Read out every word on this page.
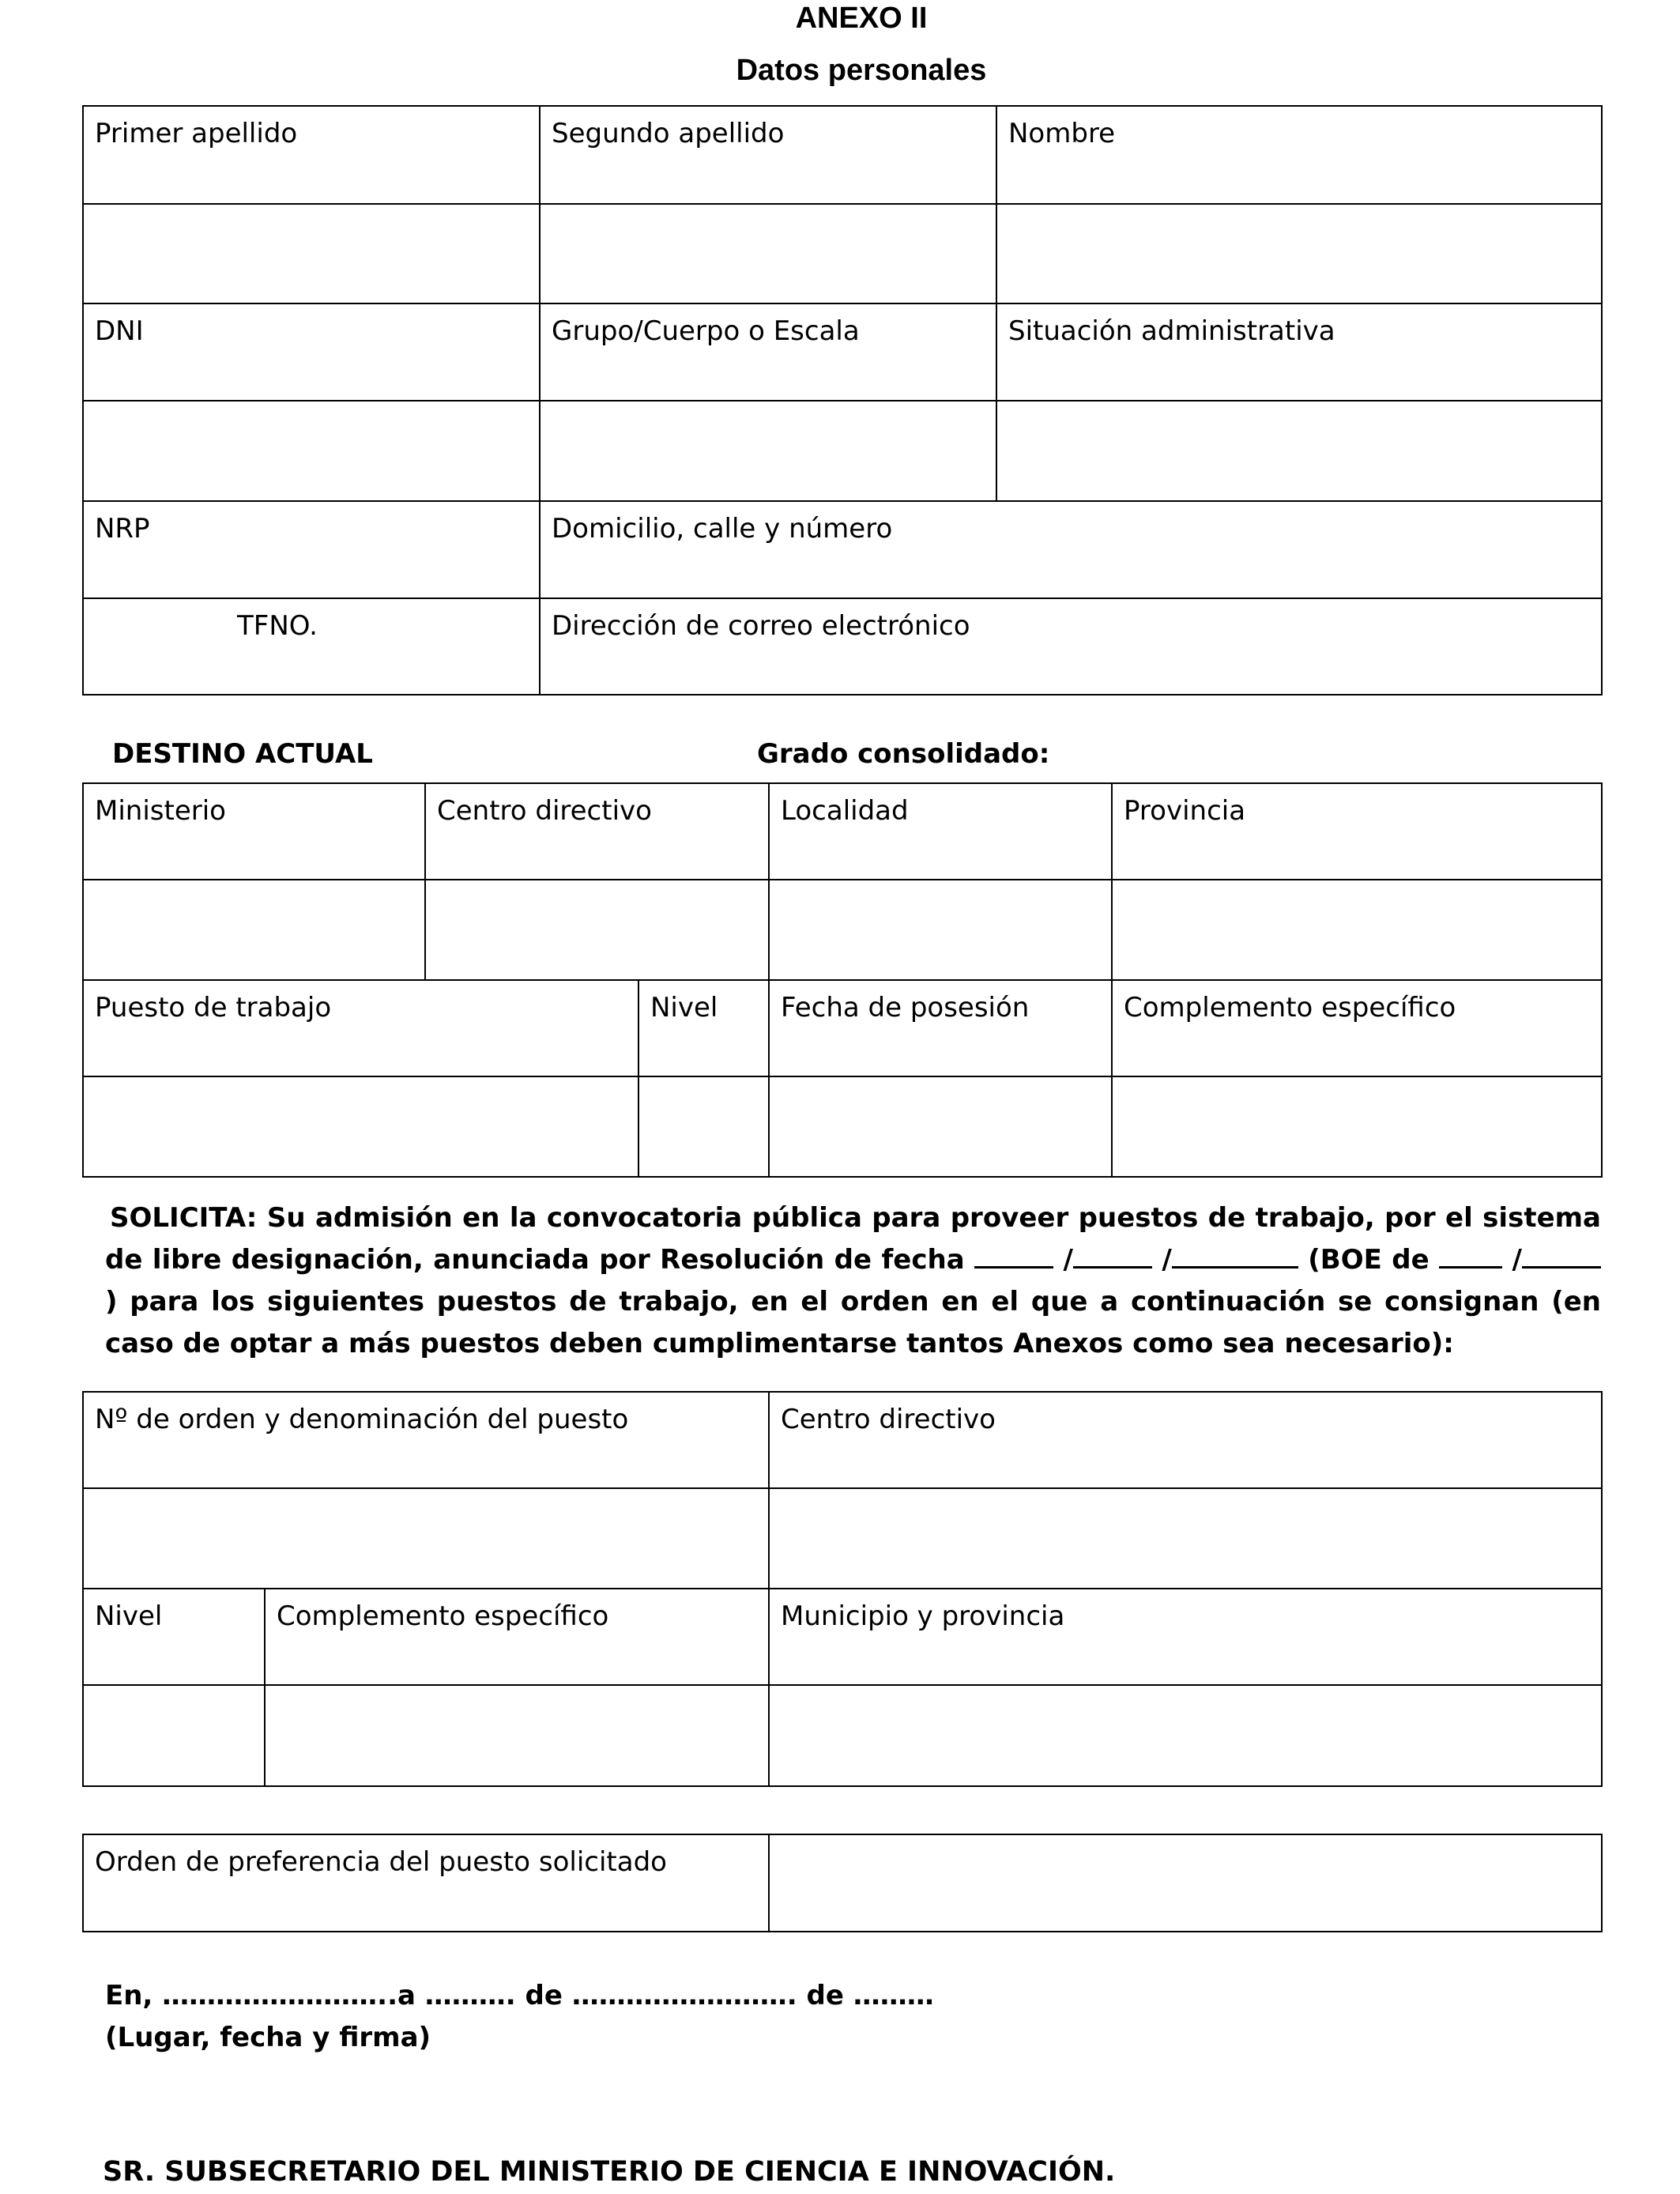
ANEXO II
Datos personales
Primer apellido	Segundo apellido	Nombre

DNI	Grupo/Cuerpo o Escala	Situación administrativa

NRP	Domicilio, calle y número	
TFNO.	Dirección de correo electrónico	
DESTINO ACTUAL	Grado consolidado:
Ministerio	Centro directivo		Localidad	Provincia

Puesto de trabajo		Nivel	Fecha de posesión	Complemento específico

SOLICITA: Su admisión en la convocatoria pública para proveer puestos de trabajo, por el sistema de libre designación, anunciada por Resolución de fecha	/	/	(BOE de	/ ) para los siguientes puestos de trabajo, en el orden en el que a continuación se consignan (en caso de optar a más puestos deben cumplimentarse tantos Anexos como sea necesario):
Nº de orden y denominación del puesto		Centro directivo

Nivel	Complemento específico	Municipio y provincia

Orden de preferencia del puesto solicitado	
En, ……………………..a ………. de ……………………. de ………
(Lugar, fecha y firma)
SR. SUBSECRETARIO DEL MINISTERIO DE CIENCIA E INNOVACIÓN.
